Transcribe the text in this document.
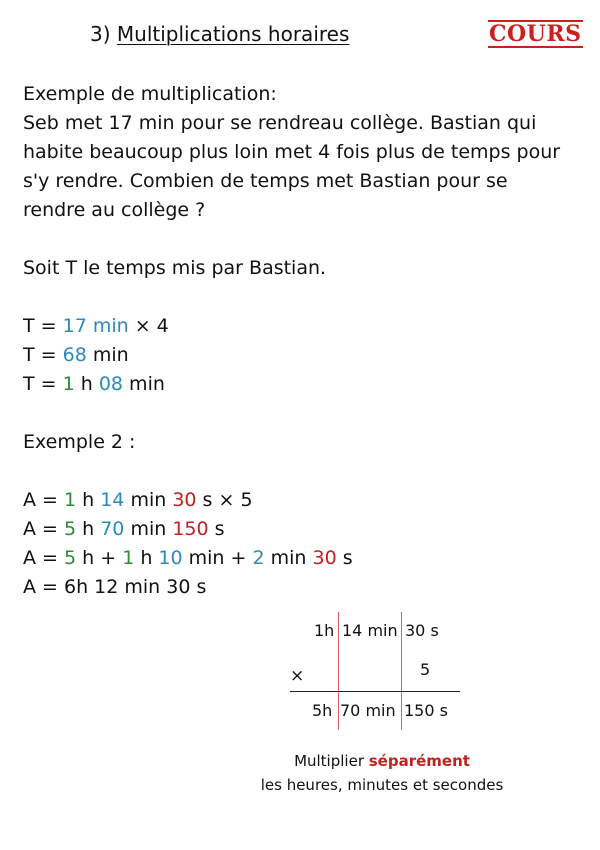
3) Multiplications horaires	COURS
Exemple de multiplication:
Seb met 17 min pour se rendreau collège. Bastian qui
habite beaucoup plus loin met 4 fois plus de temps pour
s'y rendre. Combien de temps met Bastian pour se
rendre au collège ?
Soit T le temps mis par Bastian.
T = 17 min × 4
T = 68 min
T = 1 h 08 min
Exemple 2 :
A = 1 h 14 min 30 s × 5
A = 5 h 70 min 150 s
A = 5 h + 1 h 10 min + 2 min 30 s
A = 6h 12 min 30 s
1h 14 min 30 s
×	5
5h 70 min 150 s
Multiplier séparément
les heures, minutes et secondes
